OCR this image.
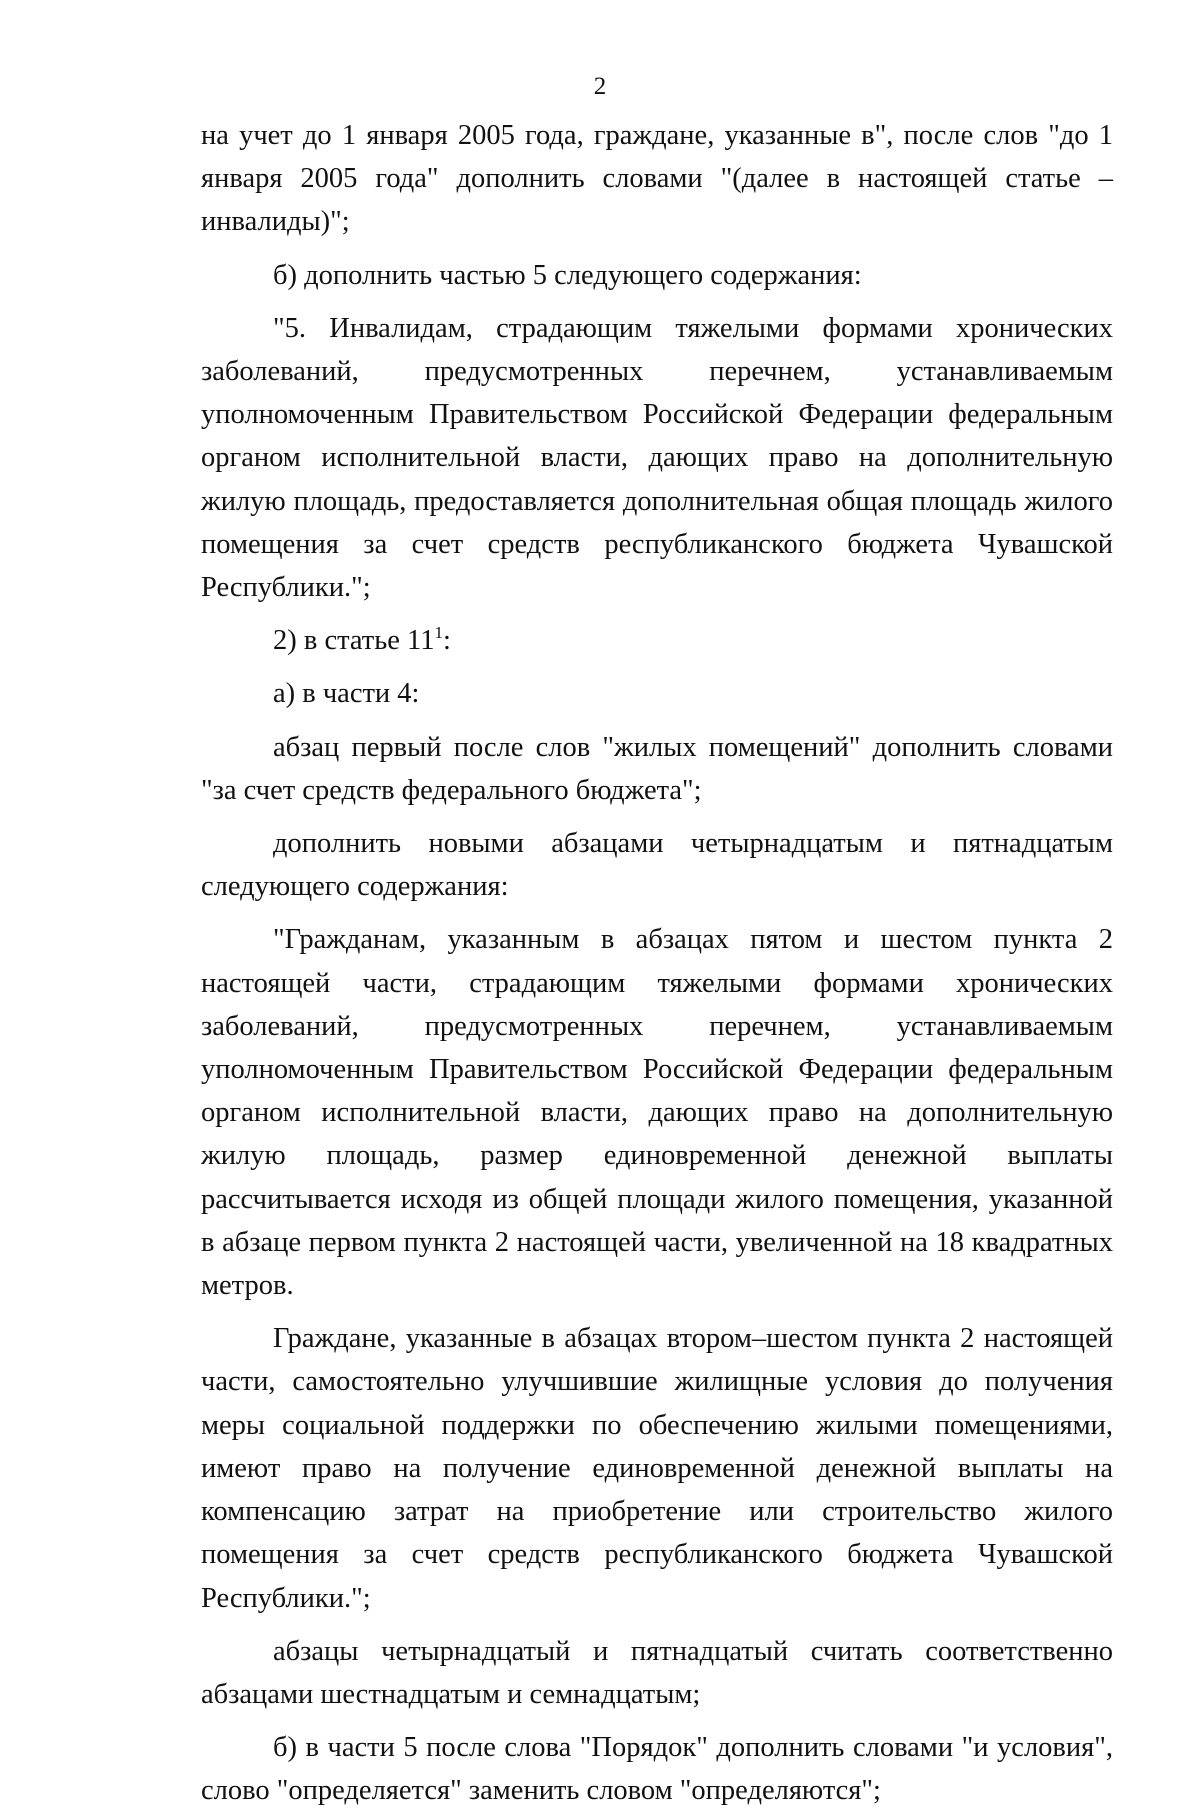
2

на учет до 1 января 2005 года, граждане, указанные в", после слов "до 1 января 2005 года" дополнить словами "(далее в настоящей статье – инвалиды)";

б) дополнить частью 5 следующего содержания:

"5. Инвалидам, страдающим тяжелыми формами хронических заболеваний, предусмотренных перечнем, устанавливаемым уполномоченным Правительством Российской Федерации федеральным органом исполнительной власти, дающих право на дополнительную жилую площадь, предоставляется дополнительная общая площадь жилого помещения за счет средств республиканского бюджета Чувашской Республики.";

2) в статье $11^1$:

а) в части 4:

абзац первый после слов "жилых помещений" дополнить словами "за счет средств федерального бюджета";

дополнить новыми абзацами четырнадцатым и пятнадцатым следующего содержания:

"Гражданам, указанным в абзацах пятом и шестом пункта 2 настоящей части, страдающим тяжелыми формами хронических заболеваний, предусмотренных перечнем, устанавливаемым уполномоченным Правительством Российской Федерации федеральным органом исполнительной власти, дающих право на дополнительную жилую площадь, размер единовременной денежной выплаты рассчитывается исходя из общей площади жилого помещения, указанной в абзаце первом пункта 2 настоящей части, увеличенной на 18 квадратных метров.

Граждане, указанные в абзацах втором–шестом пункта 2 настоящей части, самостоятельно улучшившие жилищные условия до получения меры социальной поддержки по обеспечению жилыми помещениями, имеют право на получение единовременной денежной выплаты на компенсацию затрат на приобретение или строительство жилого помещения за счет средств республиканского бюджета Чувашской Республики.";

абзацы четырнадцатый и пятнадцатый считать соответственно абзацами шестнадцатым и семнадцатым;

б) в части 5 после слова "Порядок" дополнить словами "и условия", слово "определяется" заменить словом "определяются";
